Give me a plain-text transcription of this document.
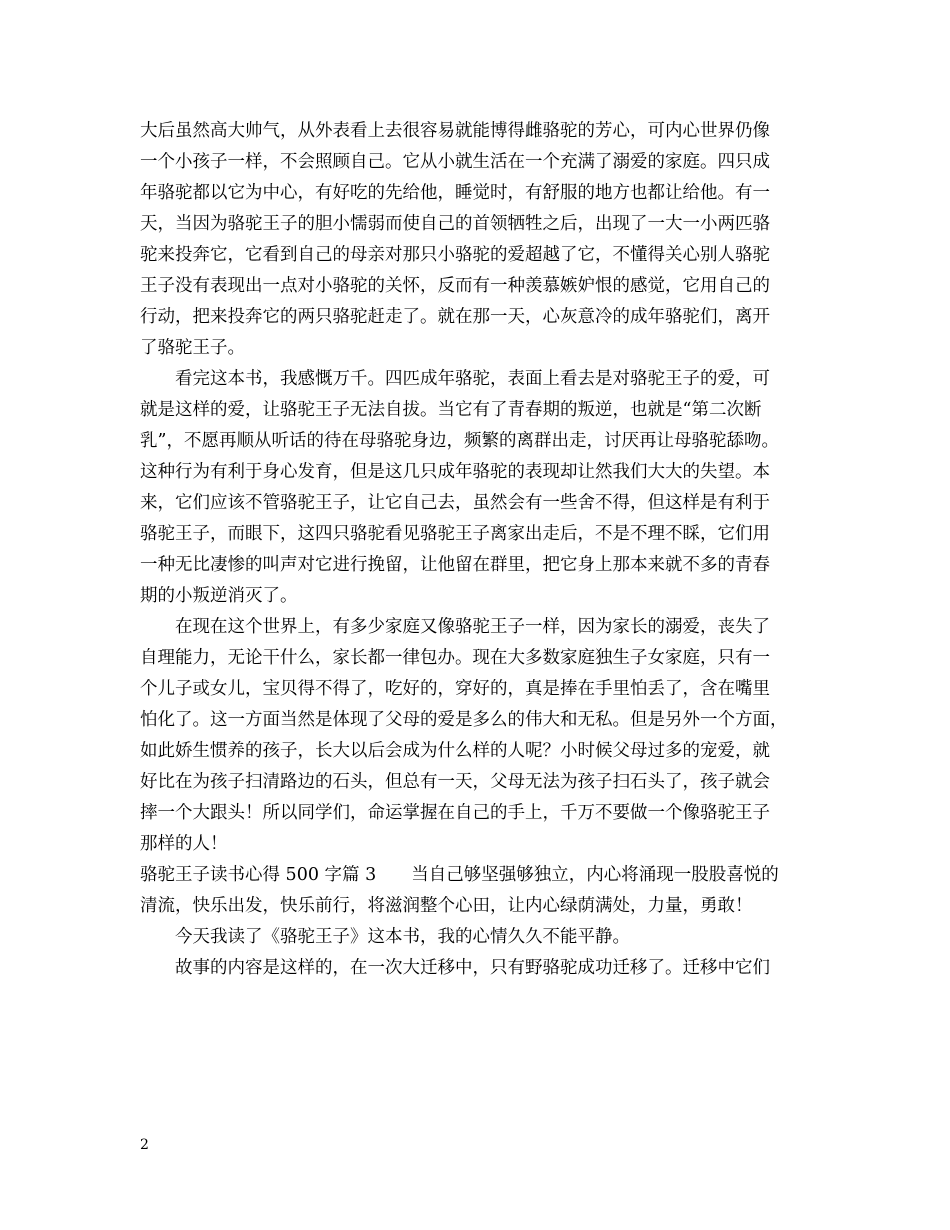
大后虽然高大帅气，从外表看上去很容易就能博得雌骆驼的芳心，可内心世界仍像
一个小孩子一样，不会照顾自己。它从小就生活在一个充满了溺爱的家庭。四只成
年骆驼都以它为中心，有好吃的先给他，睡觉时，有舒服的地方也都让给他。有一
天，当因为骆驼王子的胆小懦弱而使自己的首领牺牲之后，出现了一大一小两匹骆
驼来投奔它，它看到自己的母亲对那只小骆驼的爱超越了它，不懂得关心别人骆驼
王子没有表现出一点对小骆驼的关怀，反而有一种羡慕嫉妒恨的感觉，它用自己的
行动，把来投奔它的两只骆驼赶走了。就在那一天，心灰意冷的成年骆驼们，离开
了骆驼王子。
　　看完这本书，我感慨万千。四匹成年骆驼，表面上看去是对骆驼王子的爱，可
就是这样的爱，让骆驼王子无法自拔。当它有了青春期的叛逆，也就是“第二次断
乳”，不愿再顺从听话的待在母骆驼身边，频繁的离群出走，讨厌再让母骆驼舔吻。
这种行为有利于身心发育，但是这几只成年骆驼的表现却让然我们大大的失望。本
来，它们应该不管骆驼王子，让它自己去，虽然会有一些舍不得，但这样是有利于
骆驼王子，而眼下，这四只骆驼看见骆驼王子离家出走后，不是不理不睬，它们用
一种无比凄惨的叫声对它进行挽留，让他留在群里，把它身上那本来就不多的青春
期的小叛逆消灭了。
　　在现在这个世界上，有多少家庭又像骆驼王子一样，因为家长的溺爱，丧失了
自理能力，无论干什么，家长都一律包办。现在大多数家庭独生子女家庭，只有一
个儿子或女儿，宝贝得不得了，吃好的，穿好的，真是捧在手里怕丢了，含在嘴里
怕化了。这一方面当然是体现了父母的爱是多么的伟大和无私。但是另外一个方面，
如此娇生惯养的孩子，长大以后会成为什么样的人呢？小时候父母过多的宠爱，就
好比在为孩子扫清路边的石头，但总有一天，父母无法为孩子扫石头了，孩子就会
摔一个大跟头！所以同学们，命运掌握在自己的手上，千万不要做一个像骆驼王子
那样的人！
骆驼王子读书心得 500 字篇 3　　当自己够坚强够独立，内心将涌现一股股喜悦的
清流，快乐出发，快乐前行，将滋润整个心田，让内心绿荫满处，力量，勇敢！
　　今天我读了《骆驼王子》这本书，我的心情久久不能平静。
　　故事的内容是这样的，在一次大迁移中，只有野骆驼成功迁移了。迁移中它们
2
